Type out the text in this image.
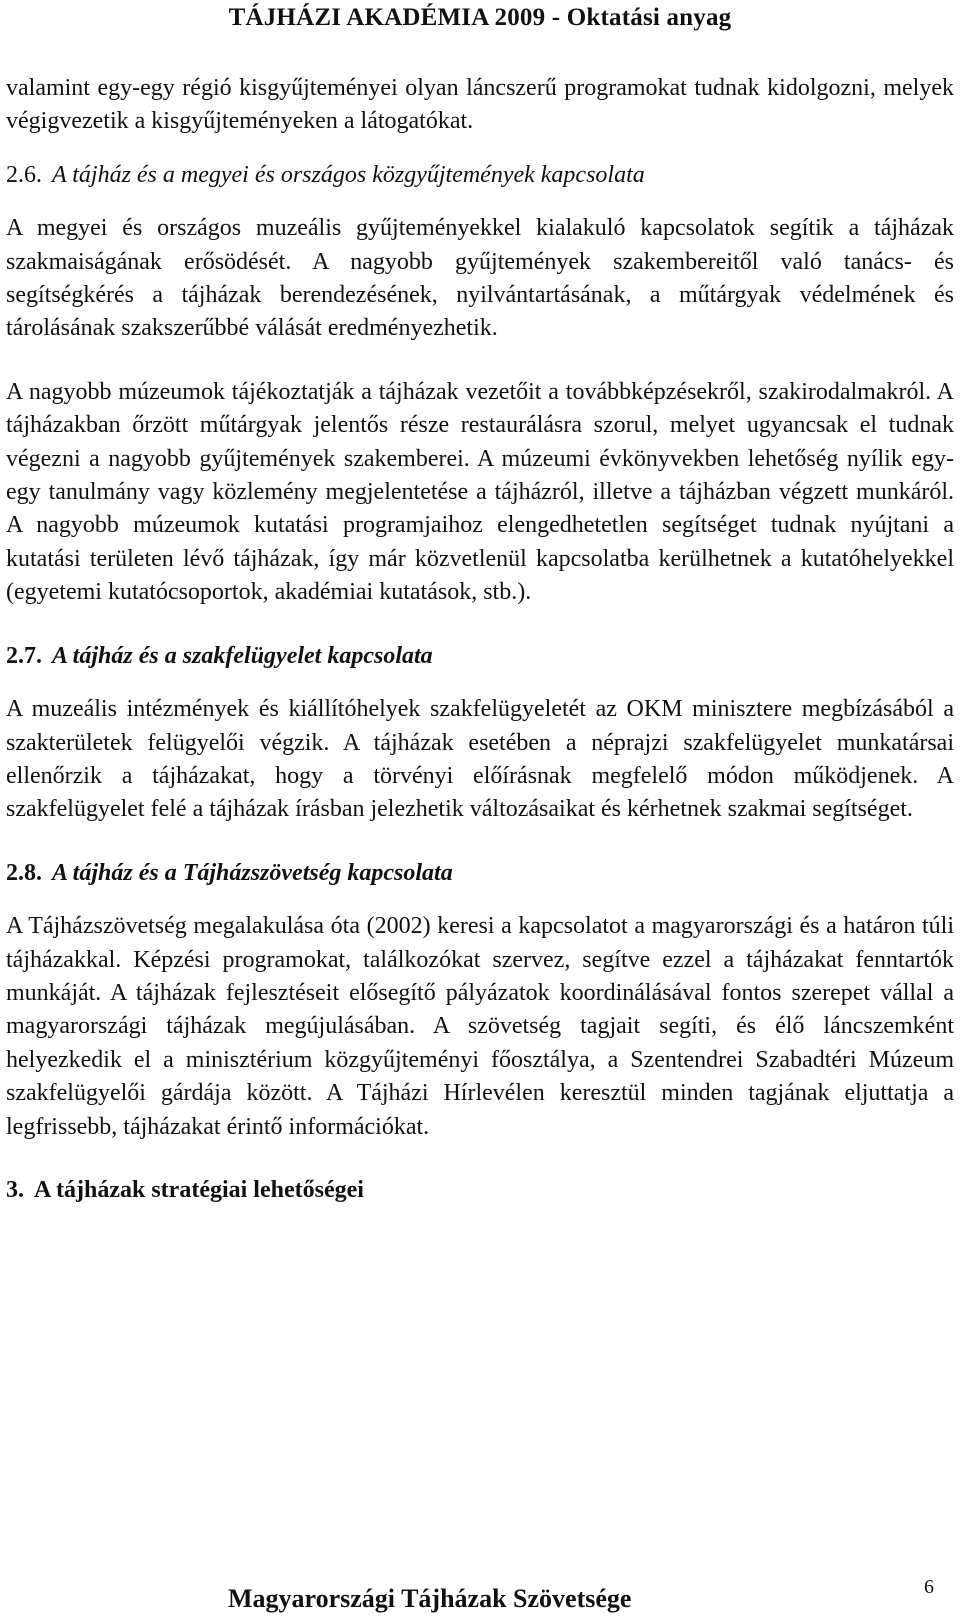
TÁJHÁZI AKADÉMIA 2009 - Oktatási anyag

valamint egy-egy régió kisgyűjteményei olyan láncszerű programokat tudnak kidolgozni, melyek végigvezetik a kisgyűjteményeken a látogatókat.

2.6. A tájház és a megyei és országos közgyűjtemények kapcsolata

A megyei és országos muzeális gyűjteményekkel kialakuló kapcsolatok segítik a tájházak szakmaiságának erősödését. A nagyobb gyűjtemények szakembereitől való tanács- és segítségkérés a tájházak berendezésének, nyilvántartásának, a műtárgyak védelmének és tárolásának szakszerűbbé válását eredményezhetik.

A nagyobb múzeumok tájékoztatják a tájházak vezetőit a továbbképzésekről, szakirodalmakról. A tájházakban őrzött műtárgyak jelentős része restaurálásra szorul, melyet ugyancsak el tudnak végezni a nagyobb gyűjtemények szakemberei. A múzeumi évkönyvekben lehetőség nyílik egy-egy tanulmány vagy közlemény megjelentetése a tájházról, illetve a tájházban végzett munkáról. A nagyobb múzeumok kutatási programjaihoz elengedhetetlen segítséget tudnak nyújtani a kutatási területen lévő tájházak, így már közvetlenül kapcsolatba kerülhetnek a kutatóhelyekkel (egyetemi kutatócsoportok, akadémiai kutatások, stb.).

2.7. A tájház és a szakfelügyelet kapcsolata

A muzeális intézmények és kiállítóhelyek szakfelügyeletét az OKM minisztere megbízásából a szakterületek felügyelői végzik. A tájházak esetében a néprajzi szakfelügyelet munkatársai ellenőrzik a tájházakat, hogy a törvényi előírásnak megfelelő módon működjenek. A szakfelügyelet felé a tájházak írásban jelezhetik változásaikat és kérhetnek szakmai segítséget.

2.8. A tájház és a Tájházszövetség kapcsolata

A Tájházszövetség megalakulása óta (2002) keresi a kapcsolatot a magyarországi és a határon túli tájházakkal. Képzési programokat, találkozókat szervez, segítve ezzel a tájházakat fenntartók munkáját. A tájházak fejlesztéseit elősegítő pályázatok koordinálásával fontos szerepet vállal a magyarországi tájházak megújulásában. A szövetség tagjait segíti, és élő láncszemként helyezkedik el a minisztérium közgyűjteményi főosztálya, a Szentendrei Szabadtéri Múzeum szakfelügyelői gárdája között. A Tájházi Hírlevélen keresztül minden tagjának eljuttatja a legfrissebb, tájházakat érintő információkat.

3. A tájházak stratégiai lehetőségei
Magyarországi Tájházak Szövetsége	6
